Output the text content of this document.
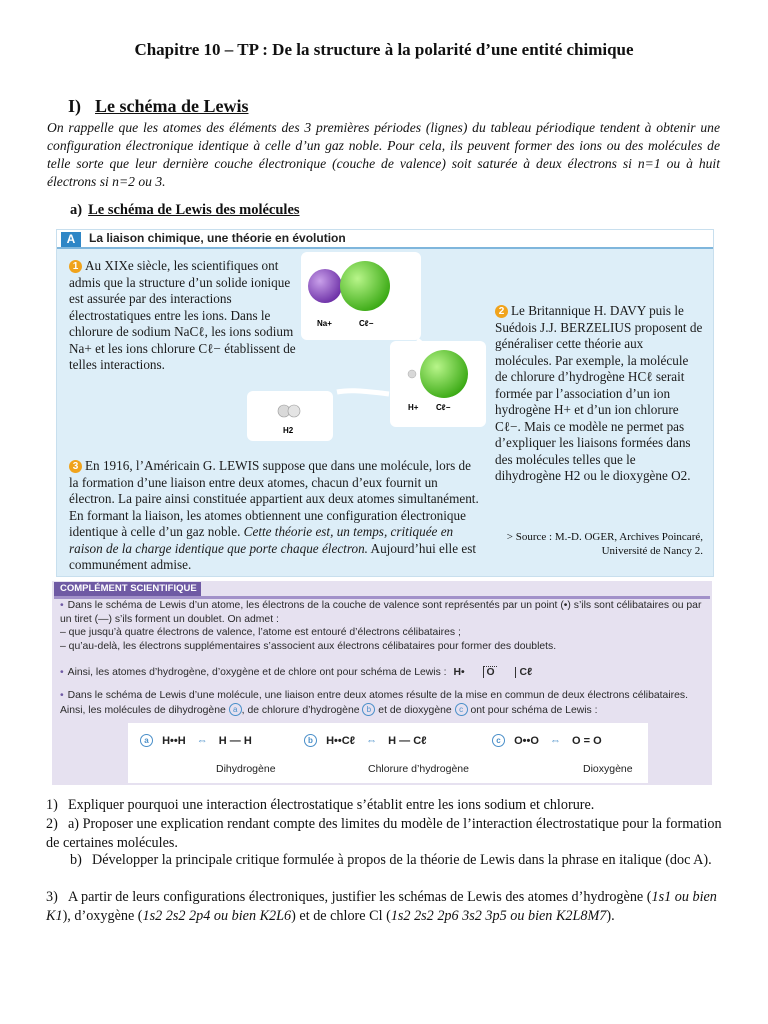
Chapitre 10 – TP : De la structure à la polarité d’une entité chimique
I) Le schéma de Lewis
On rappelle que les atomes des éléments des 3 premières périodes (lignes) du tableau périodique tendent à obtenir une configuration électronique identique à celle d’un gaz noble. Pour cela, ils peuvent former des ions ou des molécules de telle sorte que leur dernière couche électronique (couche de valence) soit saturée à deux électrons si n=1 ou à huit électrons si n=2 ou 3.
a) Le schéma de Lewis des molécules
A	La liaison chimique, une théorie en évolution
1 Au XIXe siècle, les scientifiques ont admis que la structure d’un solide ionique est assurée par des interactions électrostatiques entre les ions. Dans le chlorure de sodium NaCℓ, les ions sodium Na+ et les ions chlorure Cℓ− établissent de telles interactions.
Na+	Cℓ−
H+ Cℓ−
H2
2 Le Britannique H. DAVY puis le Suédois J.J. BERZELIUS proposent de généraliser cette théorie aux molécules. Par exemple, la molécule de chlorure d’hydrogène HCℓ serait formée par l’association d’un ion hydrogène H+ et d’un ion chlorure Cℓ−. Mais ce modèle ne permet pas d’expliquer les liaisons formées dans des molécules telles que le dihydrogène H2 ou le dioxygène O2.
3 En 1916, l’Américain G. LEWIS suppose que dans une molécule, lors de la formation d’une liaison entre deux atomes, chacun d’eux fournit un électron. La paire ainsi constituée appartient aux deux atomes simultanément. En formant la liaison, les atomes obtiennent une configuration électronique identique à celle d’un gaz noble. Cette théorie est, un temps, critiquée en raison de la charge identique que porte chaque électron. Aujourd’hui elle est communément admise.
> Source : M.-D. OGER, Archives Poincaré, Université de Nancy 2.
COMPLÉMENT SCIENTIFIQUE
• Dans le schéma de Lewis d’un atome, les électrons de la couche de valence sont représentés par un point (•) s’ils sont célibataires ou par un tiret (—) s’ils forment un doublet. On admet :
– que jusqu’à quatre électrons de valence, l’atome est entouré d’électrons célibataires ;
– qu’au-delà, les électrons supplémentaires s’associent aux électrons célibataires pour former des doublets.
• Ainsi, les atomes d’hydrogène, d’oxygène et de chlore ont pour schéma de Lewis : H• O Cℓ
• Dans le schéma de Lewis d’une molécule, une liaison entre deux atomes résulte de la mise en commun de deux électrons célibataires. Ainsi, les molécules de dihydrogène a , de chlorure d’hydrogène b et de dioxygène c ont pour schéma de Lewis :
a H••H ⇔ H — H	b H••Cℓ ⇔ H — Cℓ	c O••O ⇔ O = O
Dihydrogène	Chlorure d’hydrogène	Dioxygène
1) Expliquer pourquoi une interaction électrostatique s’établit entre les ions sodium et chlorure.
2) a) Proposer une explication rendant compte des limites du modèle de l’interaction électrostatique pour la formation de certaines molécules.
b) Développer la principale critique formulée à propos de la théorie de Lewis dans la phrase en italique (doc A).
3) A partir de leurs configurations électroniques, justifier les schémas de Lewis des atomes d’hydrogène (1s1 ou bien K1), d’oxygène (1s2 2s2 2p4 ou bien K2L6) et de chlore Cl (1s2 2s2 2p6 3s2 3p5 ou bien K2L8M7).
